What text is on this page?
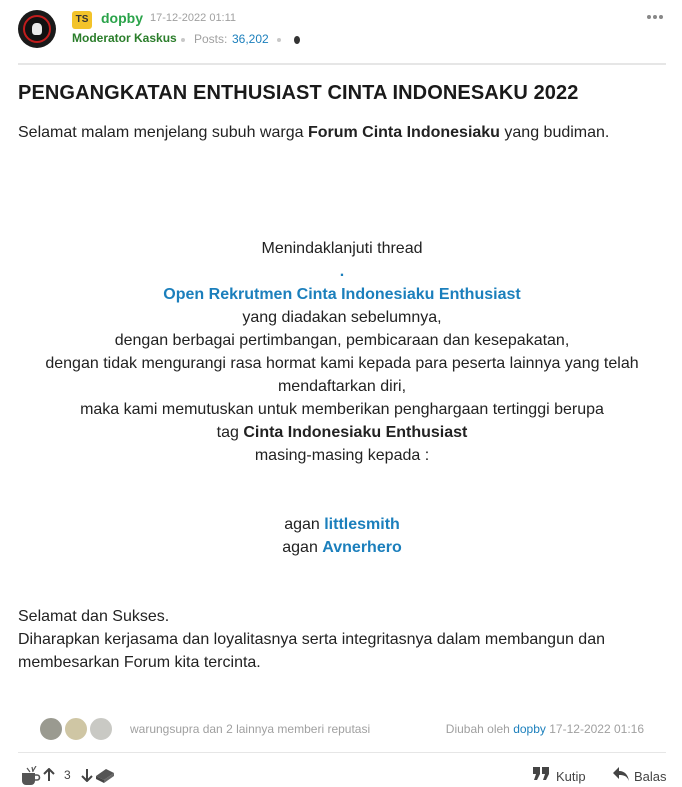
TS dopby 17-12-2022 01:11
Moderator Kaskus Posts: 36,202
PENGANGKATAN ENTHUSIAST CINTA INDONESAKU 2022
Selamat malam menjelang subuh warga Forum Cinta Indonesiaku yang budiman.
Menindaklanjuti thread
.
Open Rekrutmen Cinta Indonesiaku Enthusiast
yang diadakan sebelumnya,
dengan berbagai pertimbangan, pembicaraan dan kesepakatan,
dengan tidak mengurangi rasa hormat kami kepada para peserta lainnya yang telah
mendaftarkan diri,
maka kami memutuskan untuk memberikan penghargaan tertinggi berupa
tag Cinta Indonesiaku Enthusiast
masing-masing kepada :
agan littlesmith
agan Avnerhero
Selamat dan Sukses.
Diharapkan kerjasama dan loyalitasnya serta integritasnya dalam membangun dan membesarkan Forum kita tercinta.
warungsupra dan 2 lainnya memberi reputasi	Diubah oleh dopby 17-12-2022 01:16
3	Kutip	Balas
